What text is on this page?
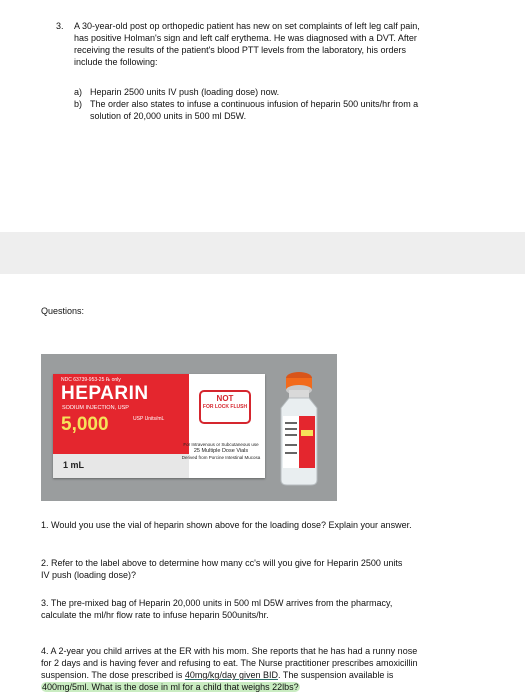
3. A 30-year-old post op orthopedic patient has new on set complaints of left leg calf pain,
has positive Holman's sign and left calf erythema. He was diagnosed with a DVT. After
receiving the results of the patient's blood PTT levels from the laboratory, his orders
include the following:
a) Heparin 2500 units IV push (loading dose) now.
b) The order also states to infuse a continuous infusion of heparin 500 units/hr from a
solution of 20,000 units in 500 ml D5W.
Questions:
NDC 63739-953-25 ℞ only
HEPARIN
SODIUM INJECTION, USP
5,000	USP Units/mL
1 mL
NOT
FOR LOCK FLUSH
For Intravenous or Subcutaneous use
25 Multiple Dose Vials
Derived from Porcine Intestinal Mucosa
1. Would you use the vial of heparin shown above for the loading dose? Explain your answer.
2. Refer to the label above to determine how many cc's will you give for Heparin 2500 units
IV push (loading dose)?
3. The pre-mixed bag of Heparin 20,000 units in 500 ml D5W arrives from the pharmacy,
calculate the ml/hr flow rate to infuse heparin 500units/hr.
4. A 2-year you child arrives at the ER with his mom. She reports that he has had a runny nose
for 2 days and is having fever and refusing to eat. The Nurse practitioner prescribes amoxicillin
suspension. The dose prescribed is 40mg/kg/day given BID. The suspension available is
400mg/5ml. What is the dose in ml for a child that weighs 22lbs?
